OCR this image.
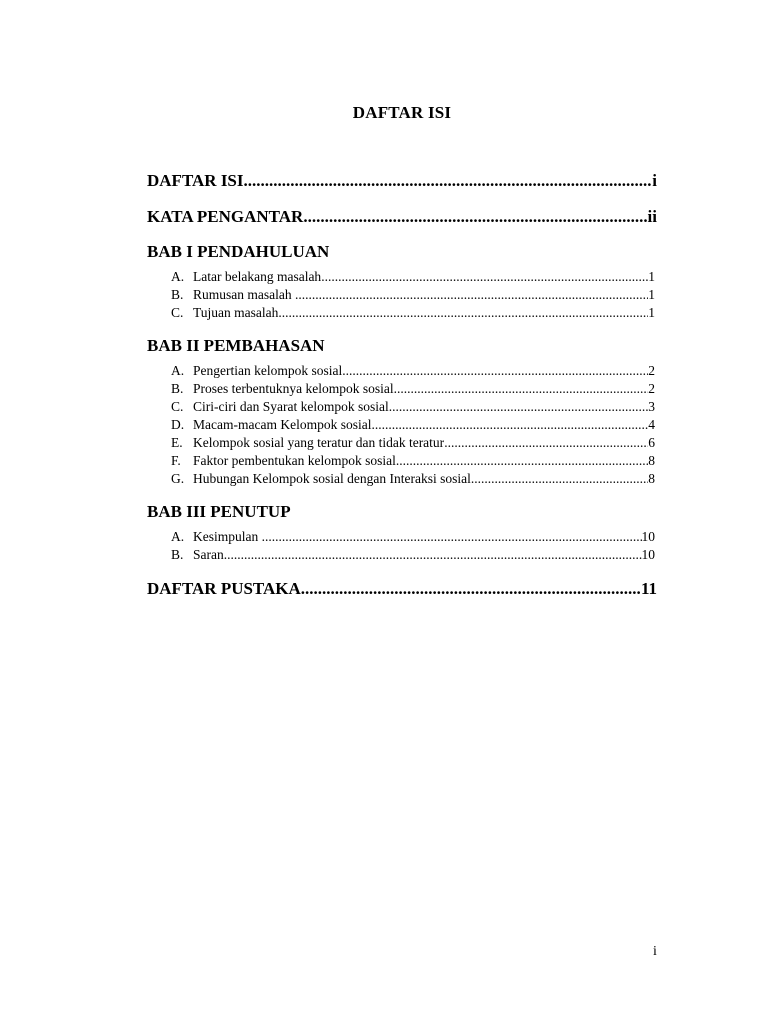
DAFTAR ISI
DAFTAR ISI .....	i
KATA PENGANTAR .....	ii
BAB I PENDAHULUAN
A. Latar belakang masalah .....	1
B. Rumusan masalah .....	1
C. Tujuan masalah .....	1
BAB II PEMBAHASAN
A. Pengertian kelompok sosial .....	2
B. Proses terbentuknya kelompok sosial .....	2
C. Ciri-ciri dan Syarat kelompok sosial .....	3
D. Macam-macam Kelompok sosial .....	4
E. Kelompok sosial yang teratur dan tidak teratur .....	6
F. Faktor pembentukan kelompok sosial .....	8
G. Hubungan Kelompok sosial dengan Interaksi sosial .....	8
BAB III PENUTUP
A. Kesimpulan .....	10
B. Saran .....	10
DAFTAR PUSTAKA .....	11
i
